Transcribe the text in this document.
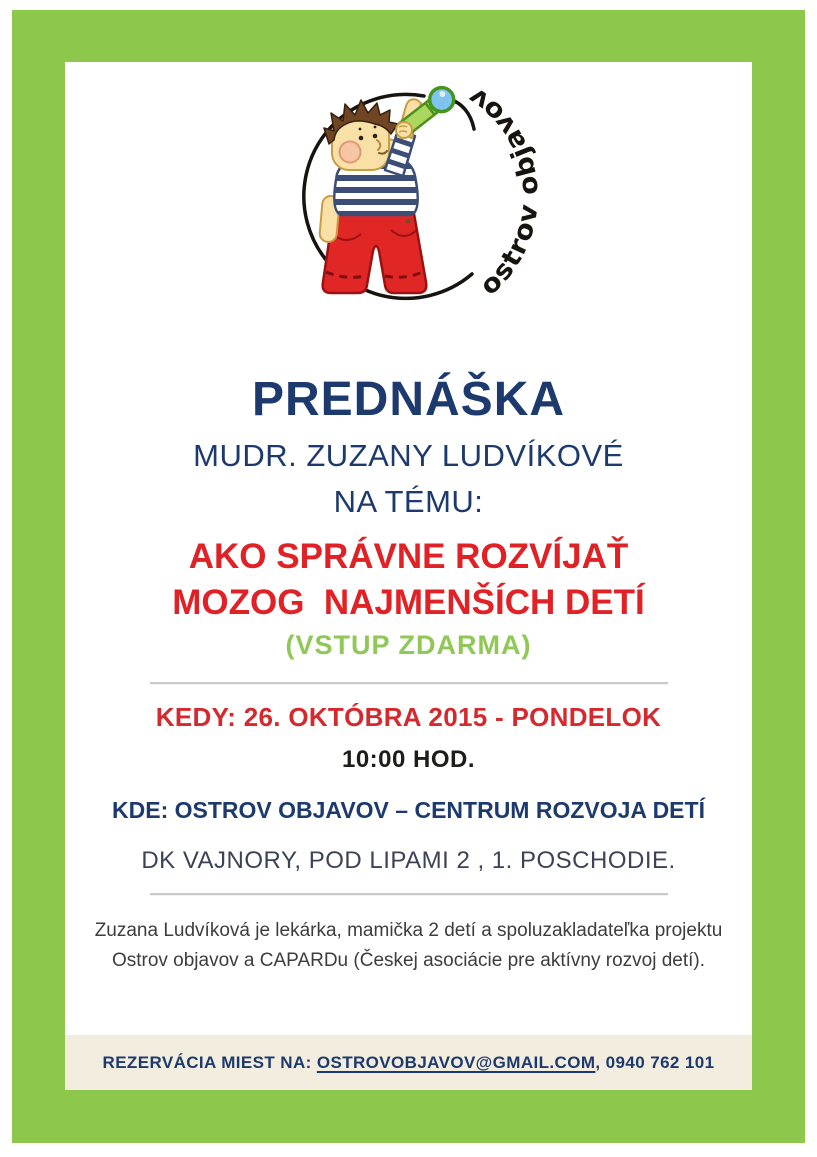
ostrov objavov
PREDNÁŠKA
MUDR. ZUZANY LUDVÍKOVÉ
NA TÉMU:
AKO SPRÁVNE ROZVÍJAŤ
MOZOG  NAJMENŠÍCH DETÍ
(VSTUP ZDARMA)
KEDY: 26. OKTÓBRA 2015 - PONDELOK
10:00 HOD.
KDE: OSTROV OBJAVOV – CENTRUM ROZVOJA DETÍ
DK VAJNORY, POD LIPAMI 2 , 1. POSCHODIE.
Zuzana Ludvíková je lekárka, mamička 2 detí a spoluzakladateľka projektu
Ostrov objavov a CAPARDu (Českej asociácie pre aktívny rozvoj detí).
REZERVÁCIA MIEST NA: OSTROVOBJAVOV@GMAIL.COM, 0940 762 101
